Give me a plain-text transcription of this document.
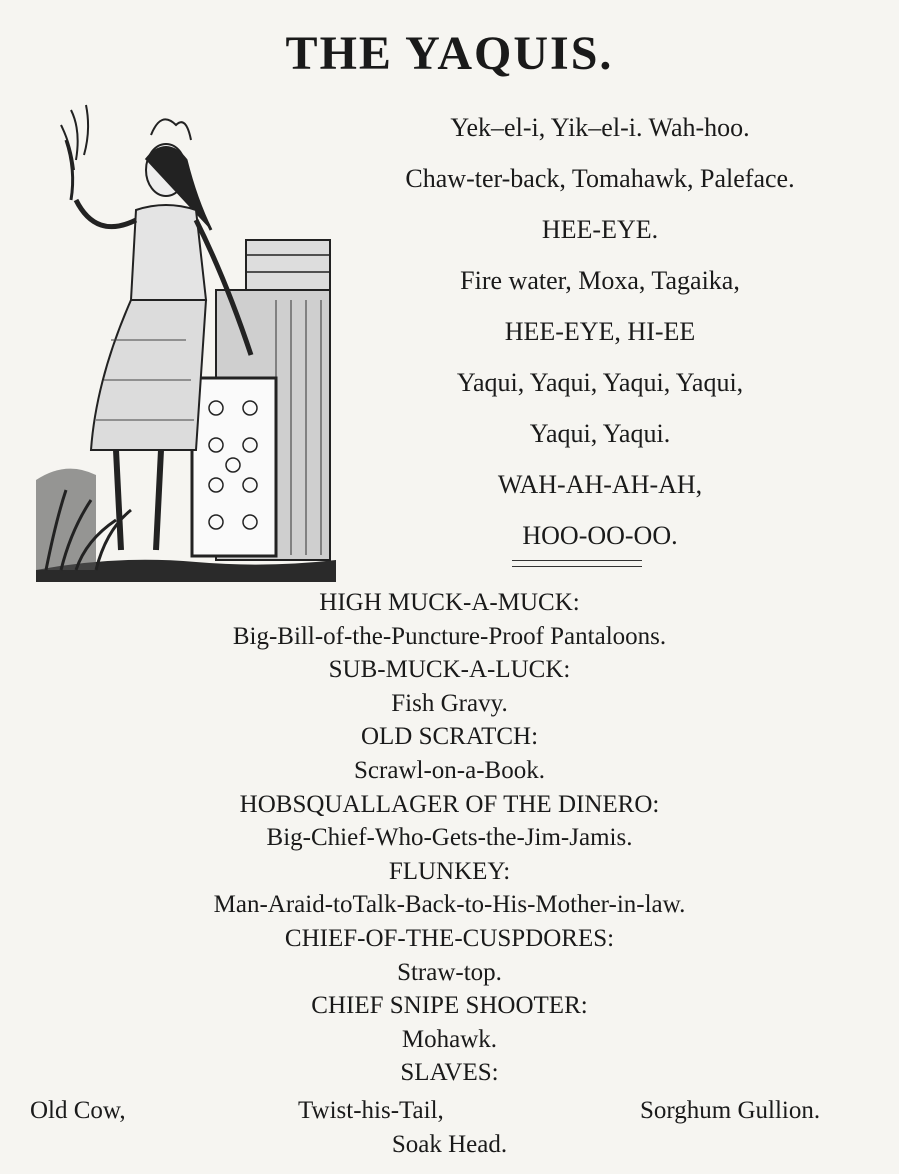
THE YAQUIS.
Yek–el-i, Yik–el-i. Wah-hoo.
Chaw-ter-back, Tomahawk, Paleface.
HEE-EYE.
Fire water, Moxa, Tagaika,
HEE-EYE, HI-EE
Yaqui, Yaqui, Yaqui, Yaqui,
Yaqui, Yaqui.
WAH-AH-AH-AH,
HOO-OO-OO.
HIGH MUCK-A-MUCK:
Big-Bill-of-the-Puncture-Proof Pantaloons.
SUB-MUCK-A-LUCK:
Fish Gravy.
OLD SCRATCH:
Scrawl-on-a-Book.
HOBSQUALLAGER OF THE DINERO:
Big-Chief-Who-Gets-the-Jim-Jamis.
FLUNKEY:
Man-Araid-toTalk-Back-to-His-Mother-in-law.
CHIEF-OF-THE-CUSPDORES:
Straw-top.
CHIEF SNIPE SHOOTER:
Mohawk.
SLAVES:
Old Cow,	Twist-his-Tail,	Sorghum Gullion.
Soak Head.
